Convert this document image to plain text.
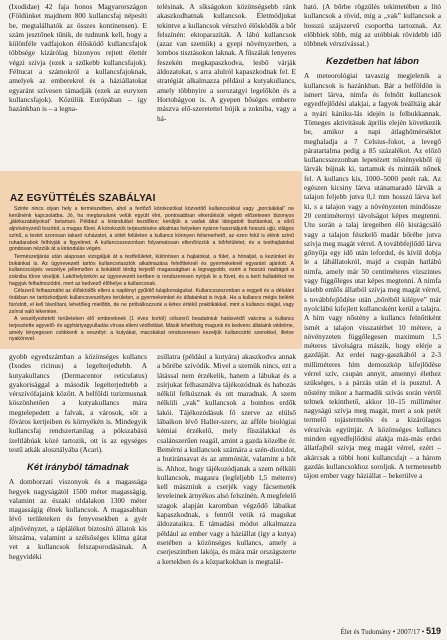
(Ixodidae) 42 faja honos Magyarországon (Földünket majdnem 800 kullancsfaj népesíti be, megtalálhatók az összes kontinensen). E szám jesztőnek tűnik, de tudnunk kell, hogy a különféle vadfajokon élősködő kullancsfajok többsége kizárólag bizonyos rejtett élettér végzi szívja (ezek a szűkebb kullancsfajok). Féltucat a számokról a kullancsfajoknak, amelyek az emberekrel és a háziállatokat egyaránt szívesen támadják (ezek az euryxen kullancsfajok). Közülük Európában – így hazánkban is – a legna-

telésinak. A síkságokon közönségsebb ránk akaszkodhatnak kullancsok. Életmódjukat tekintve a kullancsok vérszívó élősködők a bőr felszínén: ektoparaziták. A lábú kullancsok (azaz van szemük) a gyepi növényzetben, a lombos tisztásokon laknak. A fűszálak lenyeres feszekén megkapaszkodva, lesbő várják áldozatukat, s arra alulról kapaszkodnak fel. E stratégiát alkalmazza például a kutyakullancs, amely többnyire a sorozatgyi legelőkön és a Hortobágyon is. A gyepen bőséges emberre mászva elő-szeretettel bújik a zokniba, vagy a há-

ható. (A bőrbe rögzülés tekintetében a lító kullancsok a rövid, míg a „vak” kullancsok a hosszú szájszervű csoportba tartoznak. Az előbbiek több, míg az utóbbiak rövidebb idő többnek vérszívással.)

Kezdetben hat lábon

A meteorológiai tavaszig megjelenik a kullancsok is hazánkban. Bár a belföldön is ismert lárva, nimfa és felnőtt kullancsok egyedfejlődési alakjai, a fagyok beálltáig akár a nyári kániku-lás idején is felbukkannak. Tömeges aktivitásuk április elején következik be, amikor a napi átlaghőmérséklet meghaladja a 7 Celsius-fokot, a levegő páratartalma pedig a 85 százalékot. Az előző kullancsszezonban lepetézett nőstényekből új lárvák bújnak ki, tartamuk és mintáik nőnek fel. A kullancs kis, 1000–5000 petét rak. Az egészen kicsiny lárva utánamaradó lárvák a talajon feljebb jutva 0,1 mm hosszú lárva kel ki, s a talajon vagy a növényzeten mindössze 20 centiméternyi távolságot képes megtenni. Utu során a talaj üregeiben élő kisrágcsáló vagy a talajon fészkelő madár bőrébe jutva szívja meg magát vérrel. A továbbfejlődő lárva gőnyűja egy idő után lefordul, és kívül dobja le a lábállatokról, majd a csupán hatlábú nimfa, amely már 50 centiméteres vízszintes vagy függőleges utat képes megtenni. A nimfa kisebb emlős állatból szívja meg magát vérrel, s továbbfejlődése után „bőréből kilépve” már nyolclábú kifejlett kullancsként kerül a talajra. A hím vagy nőstény a kullancs felnőttként ismét a talajon visszatérhet 10 métere, a növényzeten függőlegesen maximum 1,5 méteres távolságra mászik, hogy elérje a gazdáját. Az erdei nagy-gaszkából a 2-3 milliméteres hím demoszkóp kifejlődése vérrel szív, csupán annyit, amennyi élethez szükséges, s a párzás után el is pusztul. A nőstény mikor a harmadik szívás során vértől teltnek tekinthető, akkor 10–15 milliméter nagyságú szívja meg magát, mert a sok petét termelő tojástermelés és a kizárólagos vérszívás együttjár. A közönséges kullancs minden egyedfejlődési alakja más-más erdei állatfajból szívja meg magát vérrel, ezért – akárcsak a többi honi kullancsfajt – a három gazdás kullancsokhoz soroljuk. A termetesebb tájon ember vagy háziállat – bekerülve a

AZ EGYÜTTÉLÉS SZABÁLYAI

Szinte nincs olyan hely a természetben, ahol a fertőző kórokozókat közvetítő kullancsokkal vagy „porckákkal” ne kerülnénk kapcsolatba. Jó, ha megtanulunk velük együtt élni, pontosabban elkerülésük végett előzetesen bizonyos „játékszabályokat” betartani. Például a kirándulást kezdőkre; kerüljük a vadak által látogatott tisztásokat, a sűrű aljnövényzetű bozótot, a magas fűvet. A kórokozók terjesztésére alkalmas helyeken nyáron használjunk hosszú ujjú, világos színű, a testet szorosan takaró ruházatot, a sötét felületen a kullancs könnyen felismerhető, az ezen felül is élénk színű ruhadarabok felhívják a figyelmet. A kullancsszezonban folyamatosan ellenőrizzük a bőrfelületet, és a testhajlatokat gondosan nézzük át a kirándulás végén.

Természetjárás után alaposan vizsgáljuk át a testfelületet, különösen a hajlatokat, a fület, a hónaljat, a kezünket és bokánkat is. Az úgynevezett tartós kullancsriasztók alkalmazása felnőtteknél és gyermekeknél egyaránt ajánlott. A kullancscsípés veszélye jellemzően a bokáktól térdig terjedő magasságban a legnagyobb, ezért a hosszú nadrágot a zokniba tűrve viseljük. Lakóhelyünkön az úgynevezett kertben is rendszeresen nyírjuk le a füvet, és a kerti hulladékot ne hagyjuk felhalmozódni, mert az kedvező élőhelye a kullancsnak.

Célszerű felhasználni az élősködők elleni a naplényt gyűlölő tulajdonságukat. Kullancsszezonban a reggeli és a délutáni órákban ne tartózkodjunk kullancsveszélyes területen, a gyermekeinket és állatainkat is óvjuk. Ha a kullancs mégis belénk fúródott, el kell távolítani, lehetőleg mielőbb, de ne próbálkozzunk a kétes értékű praktikákkal, mint a kullancs olajjal, vagy zsírral való lekenése.

A veszélyeztetett területeken élő embereknek (1 éves kortól) célszerű beadatniuk hatásvédő vakcina a kullancs terjesztette agyvelő- és agyhártyagyulladás vírusa elleni védőoltást. Másik lehetőség magunk és kedvenc állataink védelme, amely lényegesen csökkenti a veszélyt: a kutyákat, macskákat rendszeresen kezeljük kullancsirtó szerekkel, illetve nyakörvvel.

gyobb egyedszámban a közönséges kullancs (Ixodes ricinus) a legelterjedtebb. A kutyakullancs (Dermacentor reticulatus) gyakorisággal a második legelterjedtebb a vérszívófajaink között. A belföldi turizmusnak köszönhetően a kutyakullancs mára megtelepedett a falvak, a városok, sőt a főváros kertjeiben és környékén is. Mindegyik kullancsfaj rendszertanilag a pókszabású ízeltlábúak közé tartozik, ott is az egységes testű atkák alosztályába (Acari).

Két irányból támadnak

A domborzati viszonyok és a magassága hegyek nagyságától 1500 méter magasságig, valamint az északi oldalakon 1300 méter magasságig élnek kullancsok. A magasabban lévő területeken és fenyvesekben a gyér aljnövényzet, a táplálékot biztosító állatok kis létszáma, valamint a szélsőséges klíma gátat vet a kullancsok felszaporodásának. A hegyvidéki

zsillatra (például a kutyára) akaszkodva annak a bőrébe szívódik. Mivel a szemük nincs, ezt a látással nem érzékelik, hanem a lábukat és a zsírjukat felhasználva tájékozódnak és habozás nélkül felkúsznak és ott maradnak. A szem nélküli „vak” kullancsok a bombos erdők lakói. Tájékozódásuk fő szerve az elülső lábaikon lévő Haller-szerv, az afféle biológiai kémiai érzékelő, mely fűszálakkal és csalánszerűen reagál, amint a gazda közelbe ér. Bemérni a kullancsok számára a szén-dioxidot, a butiránsavat és az ammóniát, valamint a hőt is. Ahhoz, hogy tájékozódjanak a szem nélküli kullancsok, magasra (legfeljebb 1,5 méterre) kell mászniuk a cserjék vagy fácsemeték leveleinek árnyékos alsó felszínén. A megfelelő szagok alapján karomban végződő lábaikat kapaszkodnak, s fentről vetik rá magukat áldozataikra. E támadási módot alkalmazza például az ember vagy a háziállat (így a kutya) esetében a közönséges kullancs, amely a cserjeszintben lakója, és mára már országszerte a kertekben és a közparkokban is megtalál-

Élet és Tudomány • 2007/17 • 519
